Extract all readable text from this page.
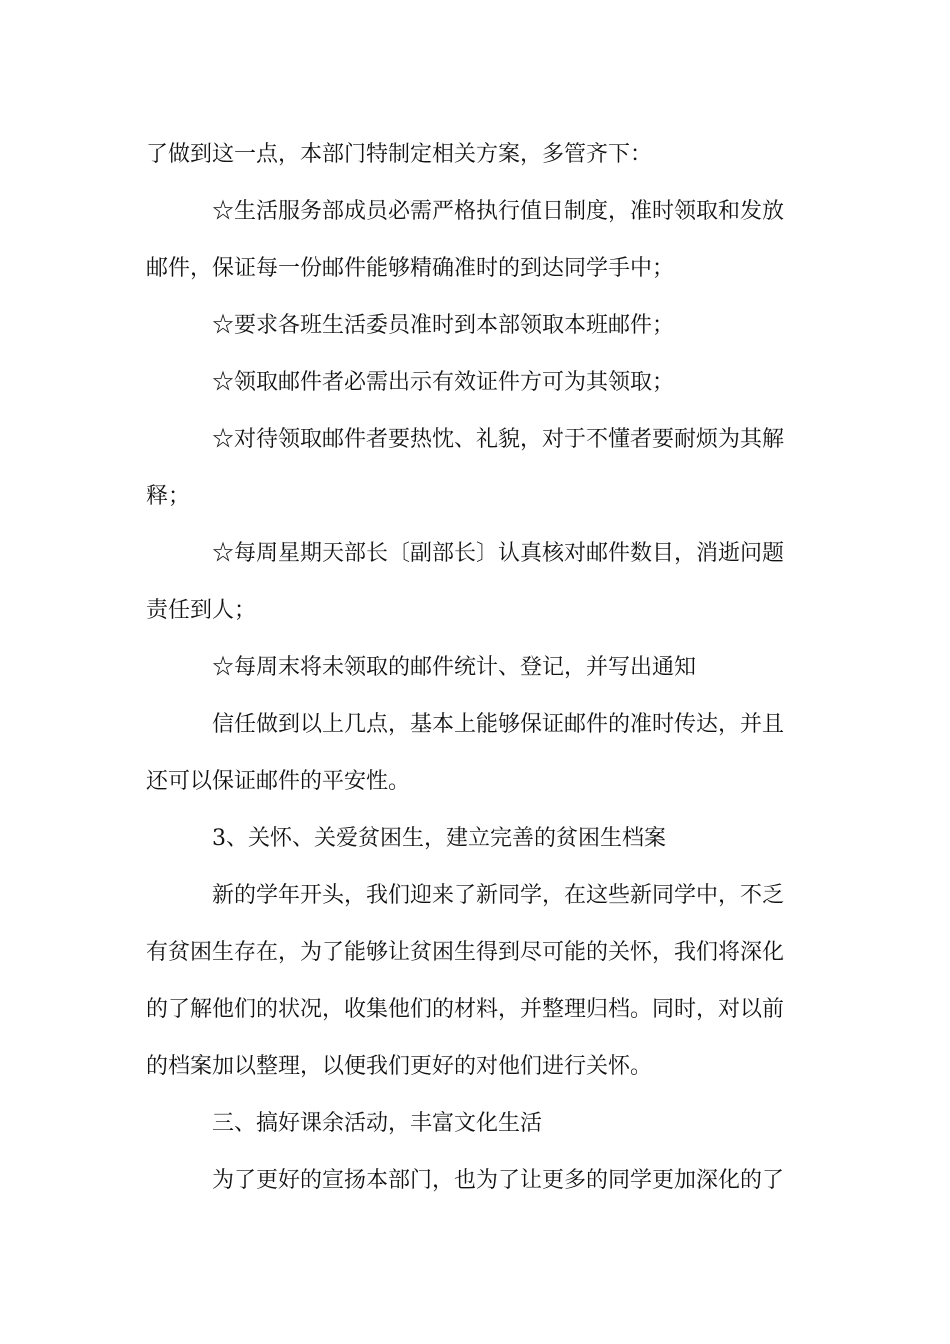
了做到这一点，本部门特制定相关方案，多管齐下：
☆生活服务部成员必需严格执行值日制度，准时领取和发放
邮件，保证每一份邮件能够精确准时的到达同学手中；
☆要求各班生活委员准时到本部领取本班邮件；
☆领取邮件者必需出示有效证件方可为其领取；
☆对待领取邮件者要热忱、礼貌，对于不懂者要耐烦为其解
释；
☆每周星期天部长〔副部长〕认真核对邮件数目，消逝问题
责任到人；
☆每周末将未领取的邮件统计、登记，并写出通知
信任做到以上几点，基本上能够保证邮件的准时传达，并且
还可以保证邮件的平安性。
3、关怀、关爱贫困生，建立完善的贫困生档案
新的学年开头，我们迎来了新同学，在这些新同学中，不乏
有贫困生存在，为了能够让贫困生得到尽可能的关怀，我们将深化
的了解他们的状况，收集他们的材料，并整理归档。同时，对以前
的档案加以整理，以便我们更好的对他们进行关怀。
三、搞好课余活动，丰富文化生活
为了更好的宣扬本部门，也为了让更多的同学更加深化的了
